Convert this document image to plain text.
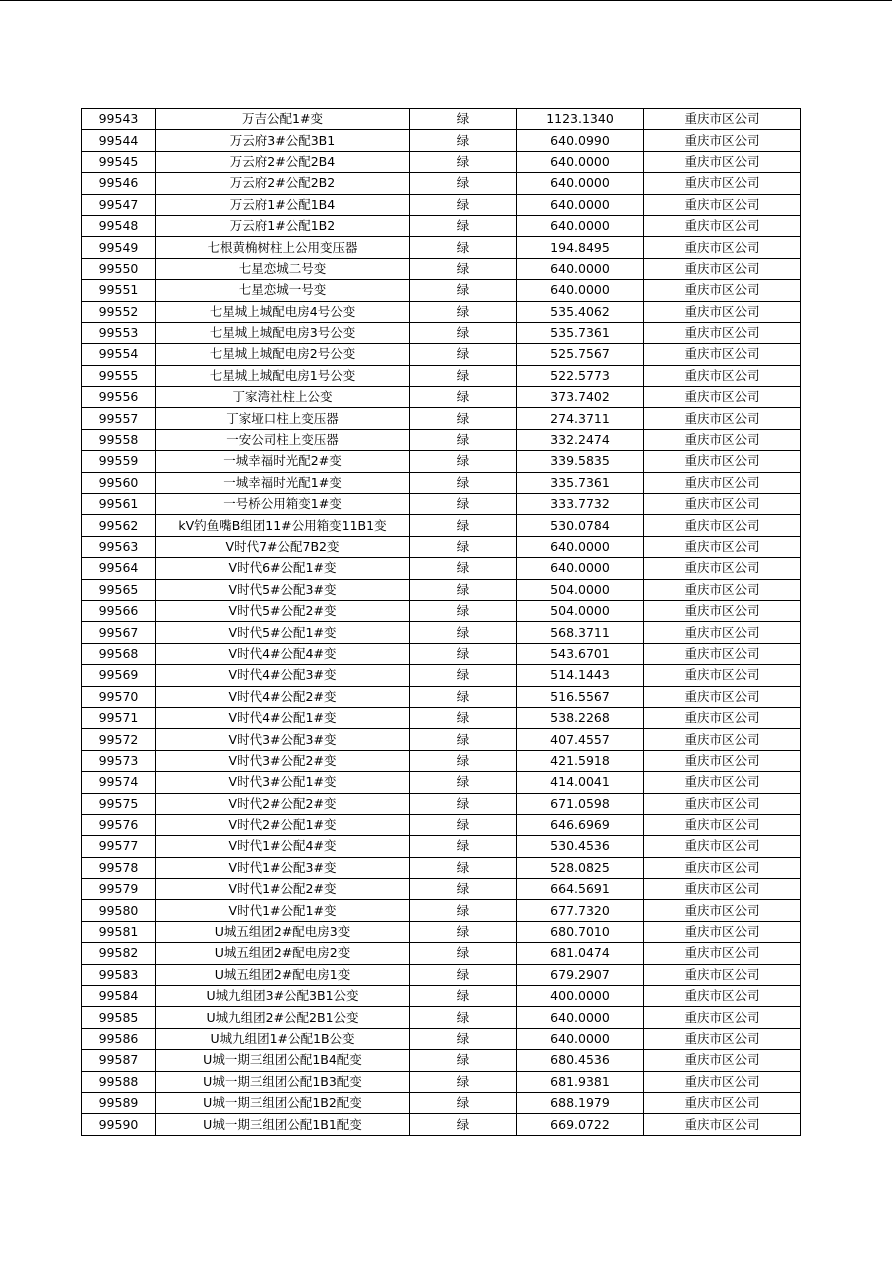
99543	万吉公配1#变	绿	1123.1340	重庆市区公司
99544	万云府3#公配3B1	绿	640.0990	重庆市区公司
99545	万云府2#公配2B4	绿	640.0000	重庆市区公司
99546	万云府2#公配2B2	绿	640.0000	重庆市区公司
99547	万云府1#公配1B4	绿	640.0000	重庆市区公司
99548	万云府1#公配1B2	绿	640.0000	重庆市区公司
99549	七根黄桷树柱上公用变压器	绿	194.8495	重庆市区公司
99550	七星恋城二号变	绿	640.0000	重庆市区公司
99551	七星恋城一号变	绿	640.0000	重庆市区公司
99552	七星城上城配电房4号公变	绿	535.4062	重庆市区公司
99553	七星城上城配电房3号公变	绿	535.7361	重庆市区公司
99554	七星城上城配电房2号公变	绿	525.7567	重庆市区公司
99555	七星城上城配电房1号公变	绿	522.5773	重庆市区公司
99556	丁家湾社柱上公变	绿	373.7402	重庆市区公司
99557	丁家垭口柱上变压器	绿	274.3711	重庆市区公司
99558	一安公司柱上变压器	绿	332.2474	重庆市区公司
99559	一城幸福时光配2#变	绿	339.5835	重庆市区公司
99560	一城幸福时光配1#变	绿	335.7361	重庆市区公司
99561	一号桥公用箱变1#变	绿	333.7732	重庆市区公司
99562	kV钓鱼嘴B组团11#公用箱变11B1变	绿	530.0784	重庆市区公司
99563	V时代7#公配7B2变	绿	640.0000	重庆市区公司
99564	V时代6#公配1#变	绿	640.0000	重庆市区公司
99565	V时代5#公配3#变	绿	504.0000	重庆市区公司
99566	V时代5#公配2#变	绿	504.0000	重庆市区公司
99567	V时代5#公配1#变	绿	568.3711	重庆市区公司
99568	V时代4#公配4#变	绿	543.6701	重庆市区公司
99569	V时代4#公配3#变	绿	514.1443	重庆市区公司
99570	V时代4#公配2#变	绿	516.5567	重庆市区公司
99571	V时代4#公配1#变	绿	538.2268	重庆市区公司
99572	V时代3#公配3#变	绿	407.4557	重庆市区公司
99573	V时代3#公配2#变	绿	421.5918	重庆市区公司
99574	V时代3#公配1#变	绿	414.0041	重庆市区公司
99575	V时代2#公配2#变	绿	671.0598	重庆市区公司
99576	V时代2#公配1#变	绿	646.6969	重庆市区公司
99577	V时代1#公配4#变	绿	530.4536	重庆市区公司
99578	V时代1#公配3#变	绿	528.0825	重庆市区公司
99579	V时代1#公配2#变	绿	664.5691	重庆市区公司
99580	V时代1#公配1#变	绿	677.7320	重庆市区公司
99581	U城五组团2#配电房3变	绿	680.7010	重庆市区公司
99582	U城五组团2#配电房2变	绿	681.0474	重庆市区公司
99583	U城五组团2#配电房1变	绿	679.2907	重庆市区公司
99584	U城九组团3#公配3B1公变	绿	400.0000	重庆市区公司
99585	U城九组团2#公配2B1公变	绿	640.0000	重庆市区公司
99586	U城九组团1#公配1B公变	绿	640.0000	重庆市区公司
99587	U城一期三组团公配1B4配变	绿	680.4536	重庆市区公司
99588	U城一期三组团公配1B3配变	绿	681.9381	重庆市区公司
99589	U城一期三组团公配1B2配变	绿	688.1979	重庆市区公司
99590	U城一期三组团公配1B1配变	绿	669.0722	重庆市区公司
